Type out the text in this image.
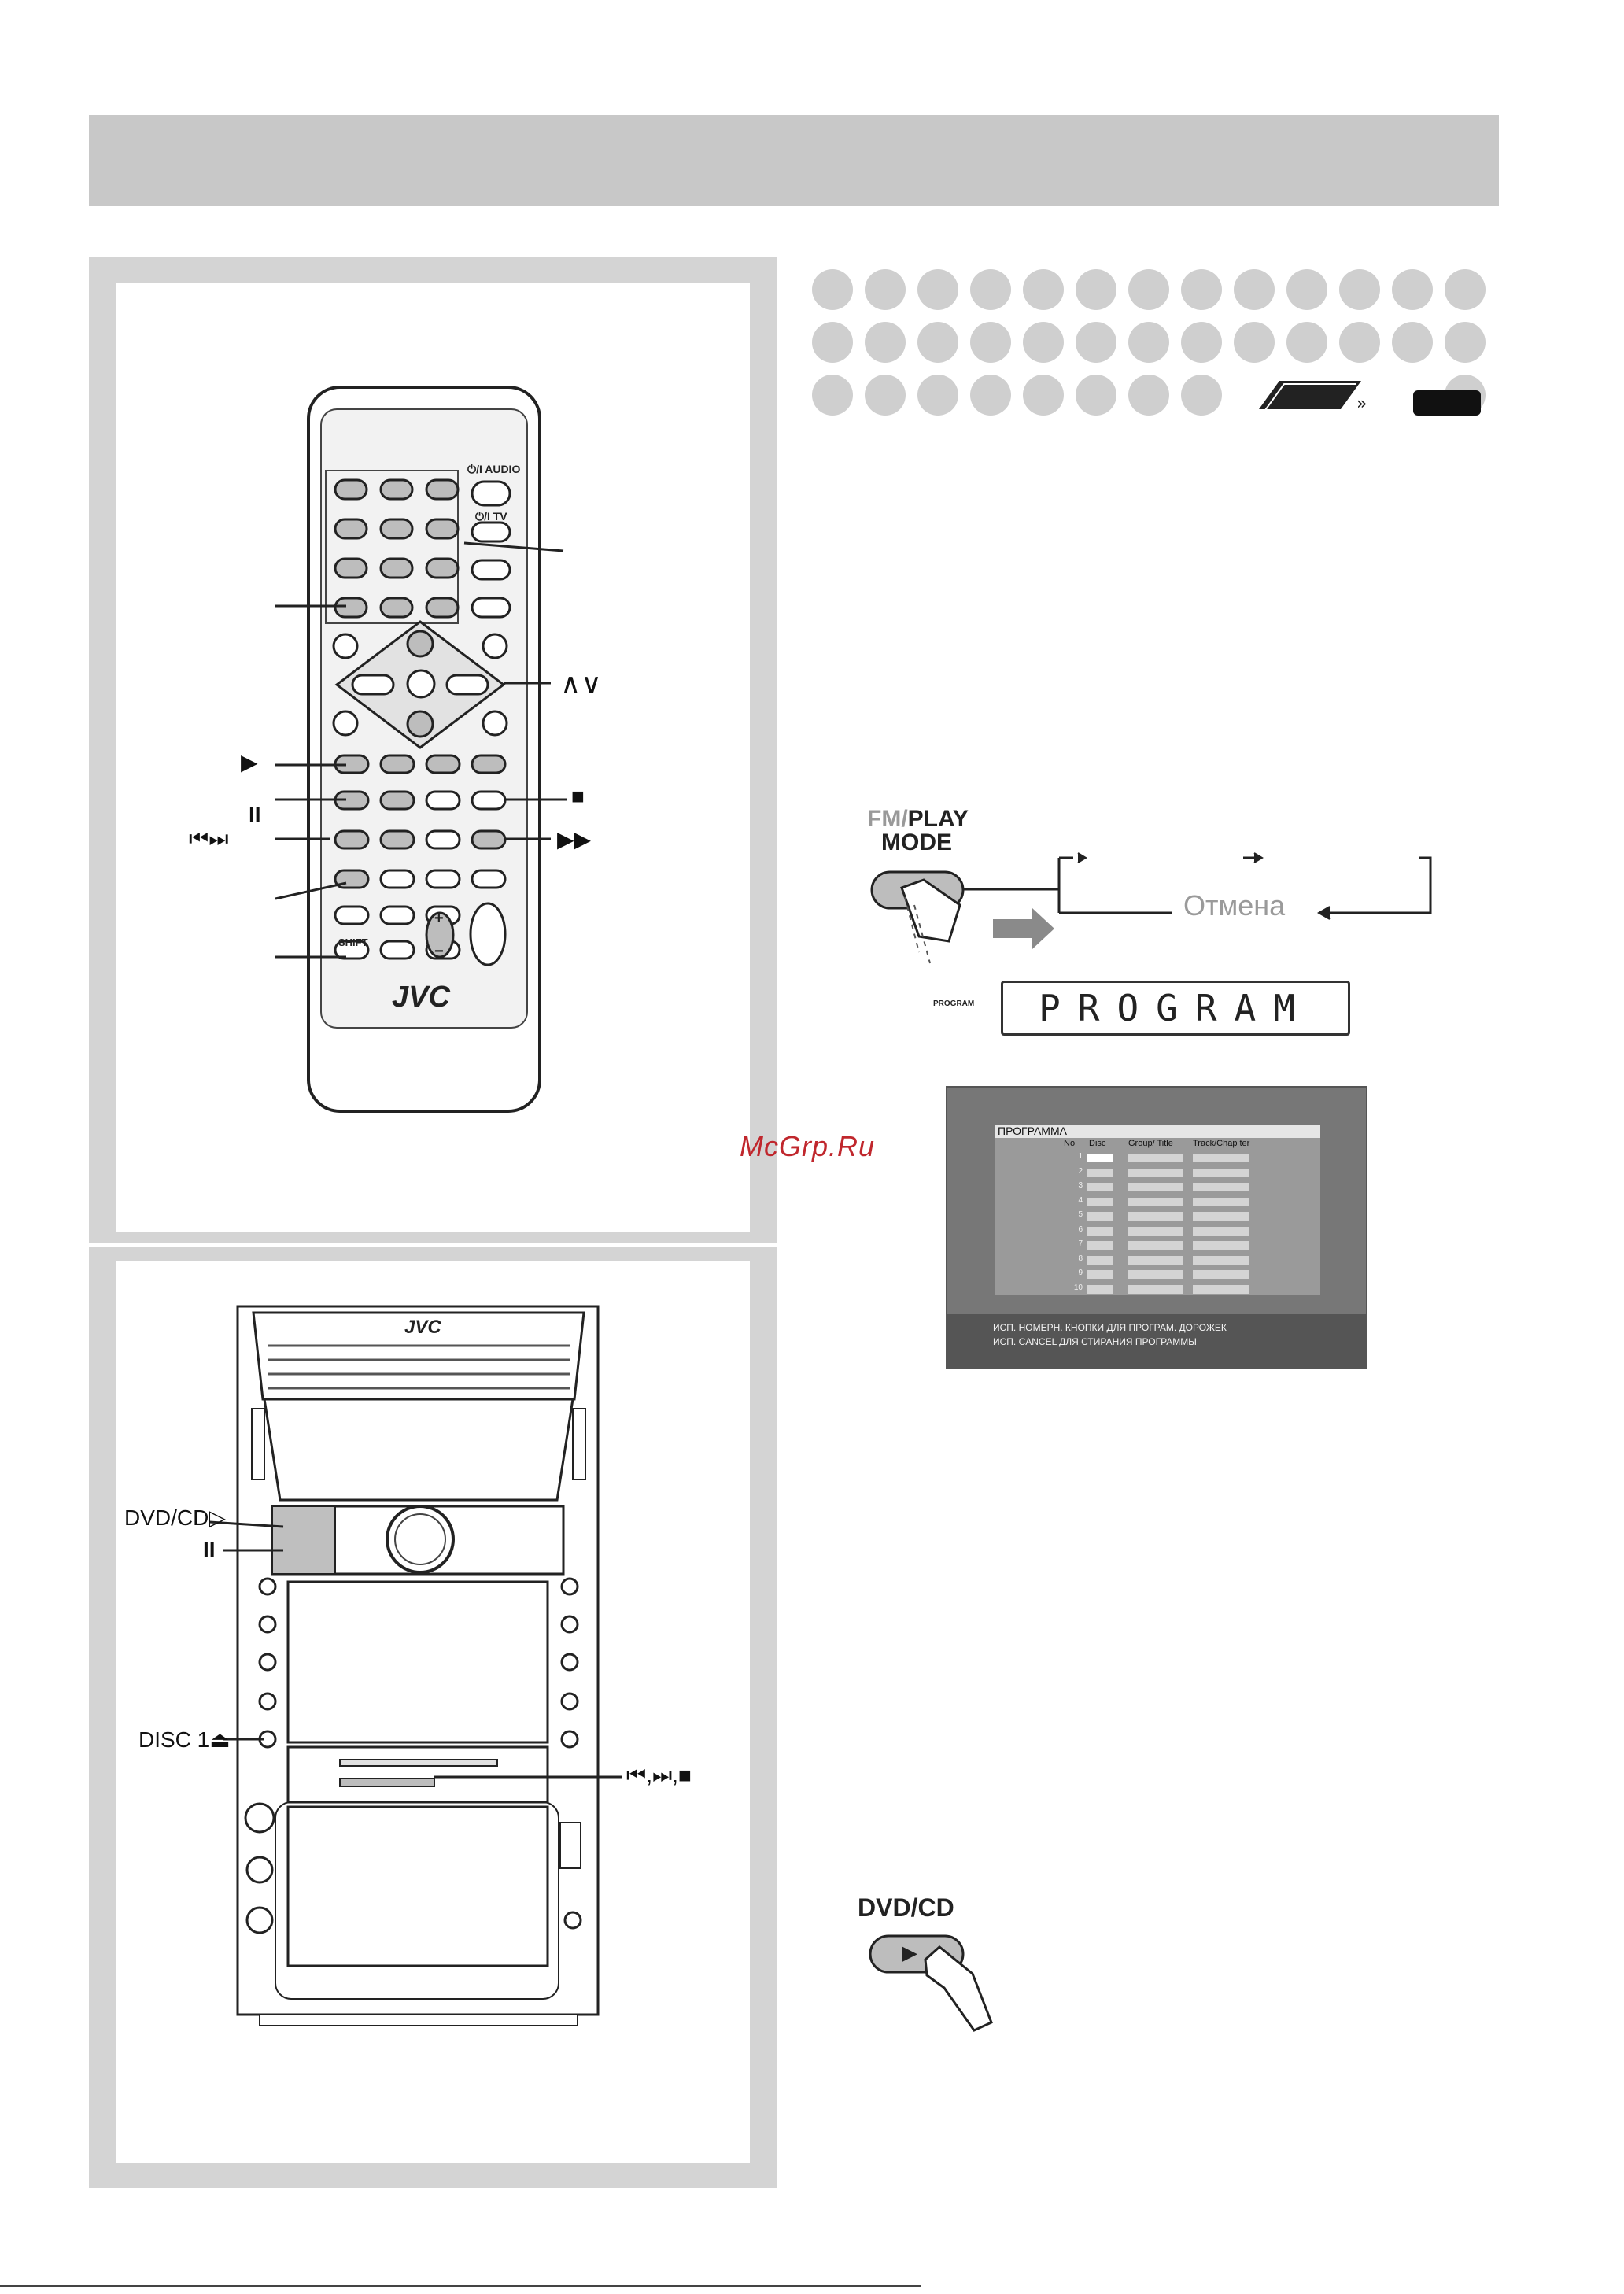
⏻/I AUDIO
⏻/I TV
SHIFT
JVC
+
−
∧∨
▶
II
⏮⏭
■
▶▶
JVC
DVD/CD▷
II
DISC 1⏏
⏮,⏭,■
»
FM/PLAY
MODE
Отмена
PROGRAM	PROGRAM
McGrp.Ru	ПРОГРАММА
No Disc	Group/ Title Track/Chap ter
1
2
3
4
5
6
7
8
9
10
ИСП. НОМЕРН. КНОПКИ ДЛЯ ПРОГРАМ. ДОРОЖЕК
ИСП. CANCEL ДЛЯ СТИРАНИЯ ПРОГРАММЫ
DVD/CD
▶
